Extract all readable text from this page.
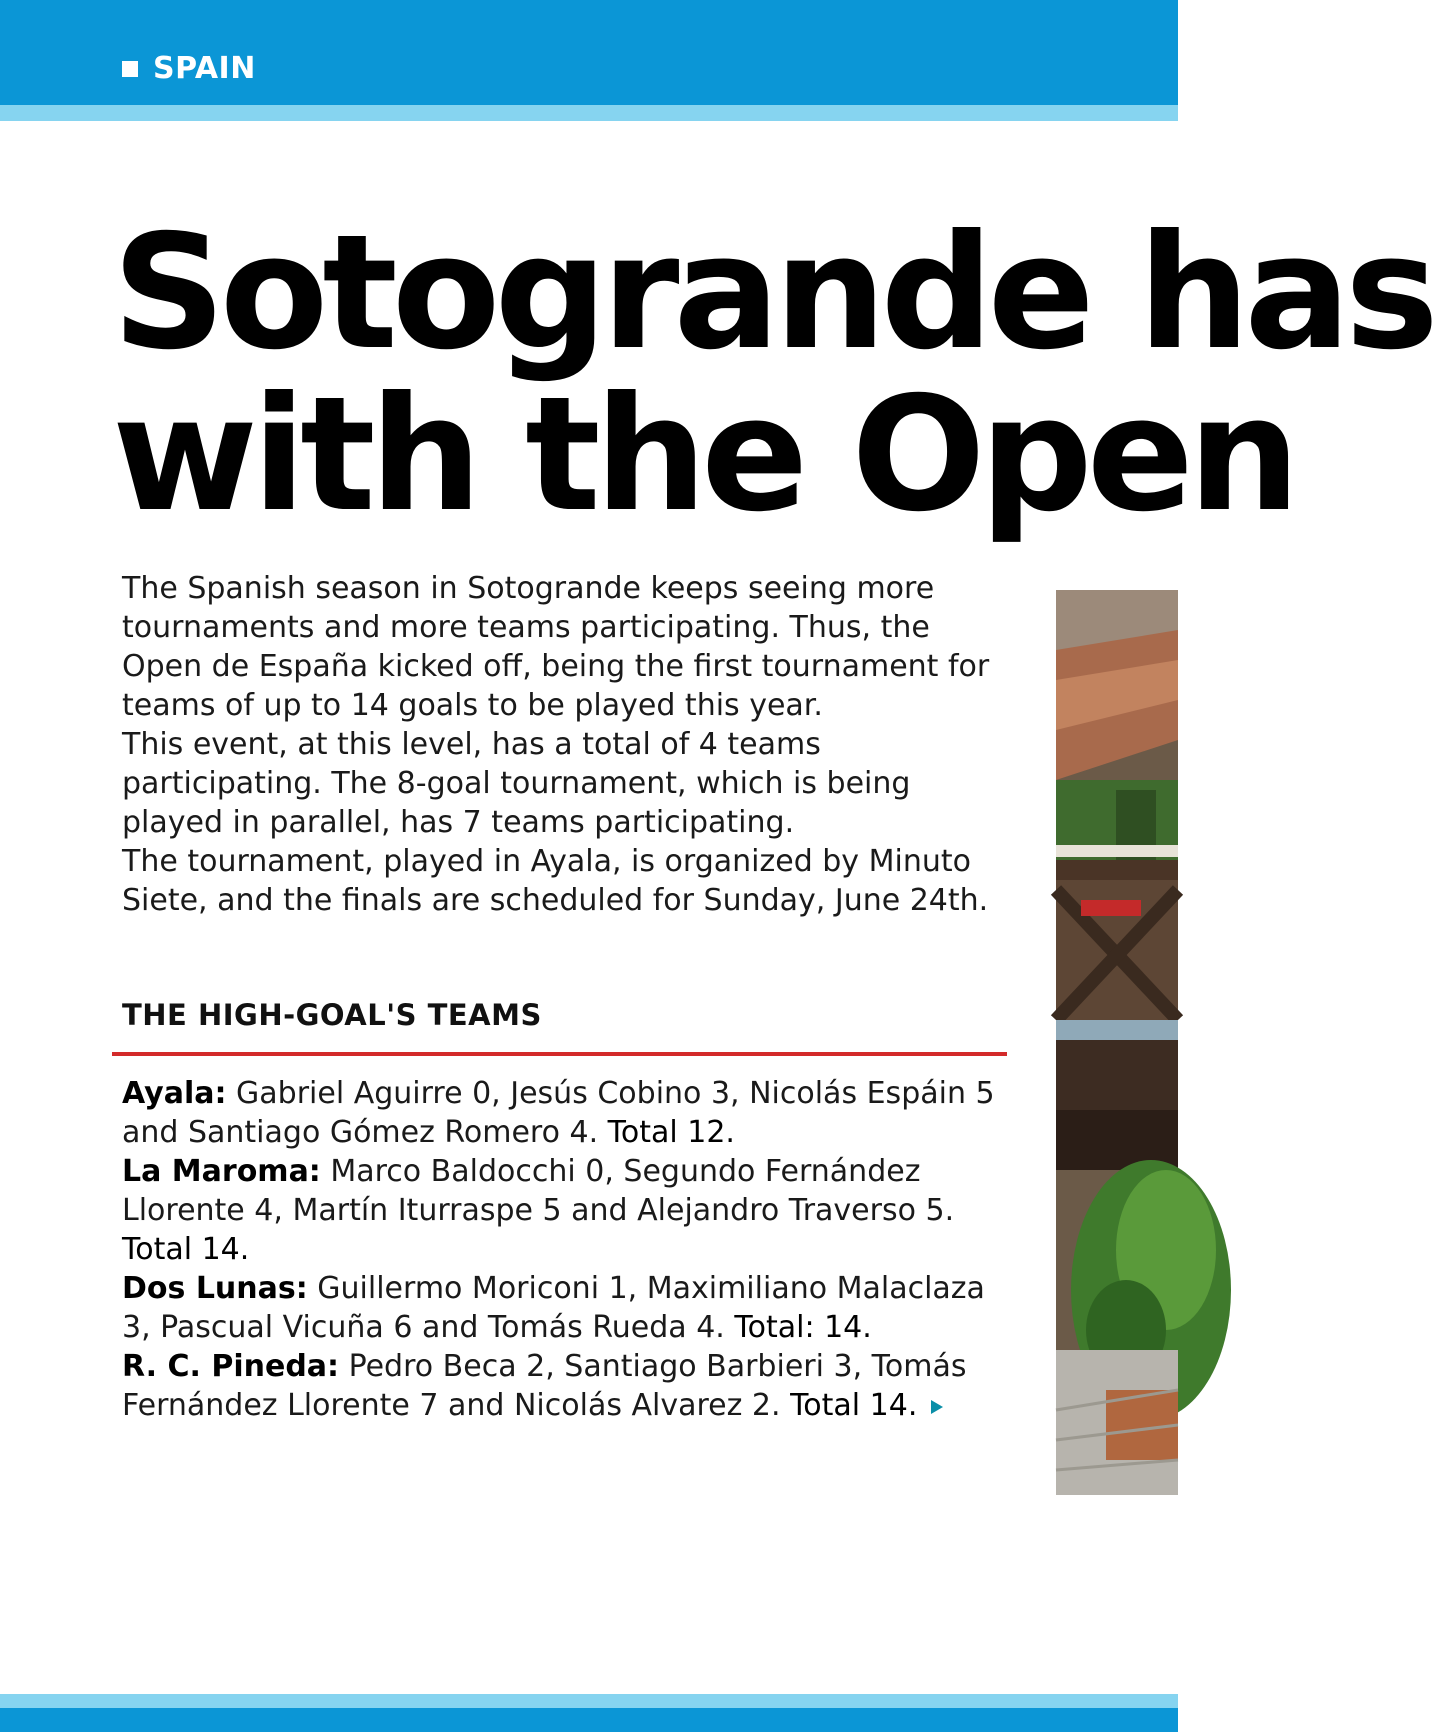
SPAIN
Sotogrande has
with the Open

The Spanish season in Sotogrande keeps seeing more tournaments and more teams participating. Thus, the Open de España kicked off, being the first tournament for teams of up to 14 goals to be played this year.

This event, at this level, has a total of 4 teams participating. The 8-goal tournament, which is being played in parallel, has 7 teams participating.

The tournament, played in Ayala, is organized by Minuto Siete, and the finals are scheduled for Sunday, June 24th.

THE HIGH-GOAL'S TEAMS

Ayala: Gabriel Aguirre 0, Jesús Cobino 3, Nicolás Espáin 5 and Santiago Gómez Romero 4. Total 12.

La Maroma: Marco Baldocchi 0, Segundo Fernández Llorente 4, Martín Iturraspe 5 and Alejandro Traverso 5. Total 14.

Dos Lunas: Guillermo Moriconi 1, Maximiliano Malaclaza 3, Pascual Vicuña 6 and Tomás Rueda 4. Total: 14.

R. C. Pineda: Pedro Beca 2, Santiago Barbieri 3, Tomás Fernández Llorente 7 and Nicolás Alvarez 2. Total 14.
